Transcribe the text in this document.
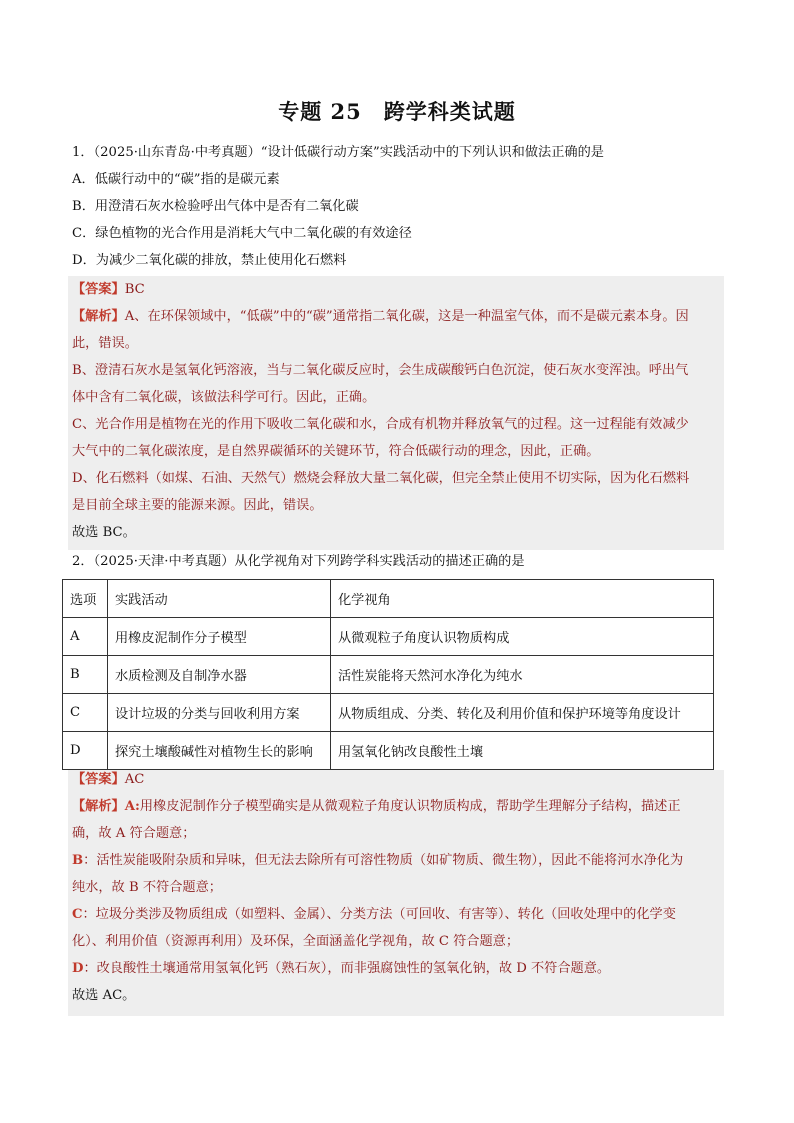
专题 25　跨学科类试题
1．（2025·山东青岛·中考真题）“设计低碳行动方案”实践活动中的下列认识和做法正确的是
A．低碳行动中的“碳”指的是碳元素
B．用澄清石灰水检验呼出气体中是否有二氧化碳
C．绿色植物的光合作用是消耗大气中二氧化碳的有效途径
D．为减少二氧化碳的排放，禁止使用化石燃料
【答案】BC
【解析】A、在环保领域中，“低碳”中的“碳”通常指二氧化碳，这是一种温室气体，而不是碳元素本身。因
此，错误。
B、澄清石灰水是氢氧化钙溶液，当与二氧化碳反应时，会生成碳酸钙白色沉淀，使石灰水变浑浊。呼出气
体中含有二氧化碳，该做法科学可行。因此，正确。
C、光合作用是植物在光的作用下吸收二氧化碳和水，合成有机物并释放氧气的过程。这一过程能有效减少
大气中的二氧化碳浓度，是自然界碳循环的关键环节，符合低碳行动的理念，因此，正确。
D、化石燃料（如煤、石油、天然气）燃烧会释放大量二氧化碳，但完全禁止使用不切实际，因为化石燃料
是目前全球主要的能源来源。因此，错误。
故选 BC。
2．（2025·天津·中考真题）从化学视角对下列跨学科实践活动的描述正确的是
选项	实践活动	化学视角
A	用橡皮泥制作分子模型	从微观粒子角度认识物质构成
B	水质检测及自制净水器	活性炭能将天然河水净化为纯水
C	设计垃圾的分类与回收利用方案	从物质组成、分类、转化及利用价值和保护环境等角度设计
D	探究土壤酸碱性对植物生长的影响	用氢氧化钠改良酸性土壤
【答案】AC
【解析】A:用橡皮泥制作分子模型确实是从微观粒子角度认识物质构成，帮助学生理解分子结构，描述正
确，故 A 符合题意；
B：活性炭能吸附杂质和异味，但无法去除所有可溶性物质（如矿物质、微生物），因此不能将河水净化为
纯水，故 B 不符合题意；
C：垃圾分类涉及物质组成（如塑料、金属）、分类方法（可回收、有害等）、转化（回收处理中的化学变
化）、利用价值（资源再利用）及环保，全面涵盖化学视角，故 C 符合题意；
D：改良酸性土壤通常用氢氧化钙（熟石灰），而非强腐蚀性的氢氧化钠，故 D 不符合题意。
故选 AC。
